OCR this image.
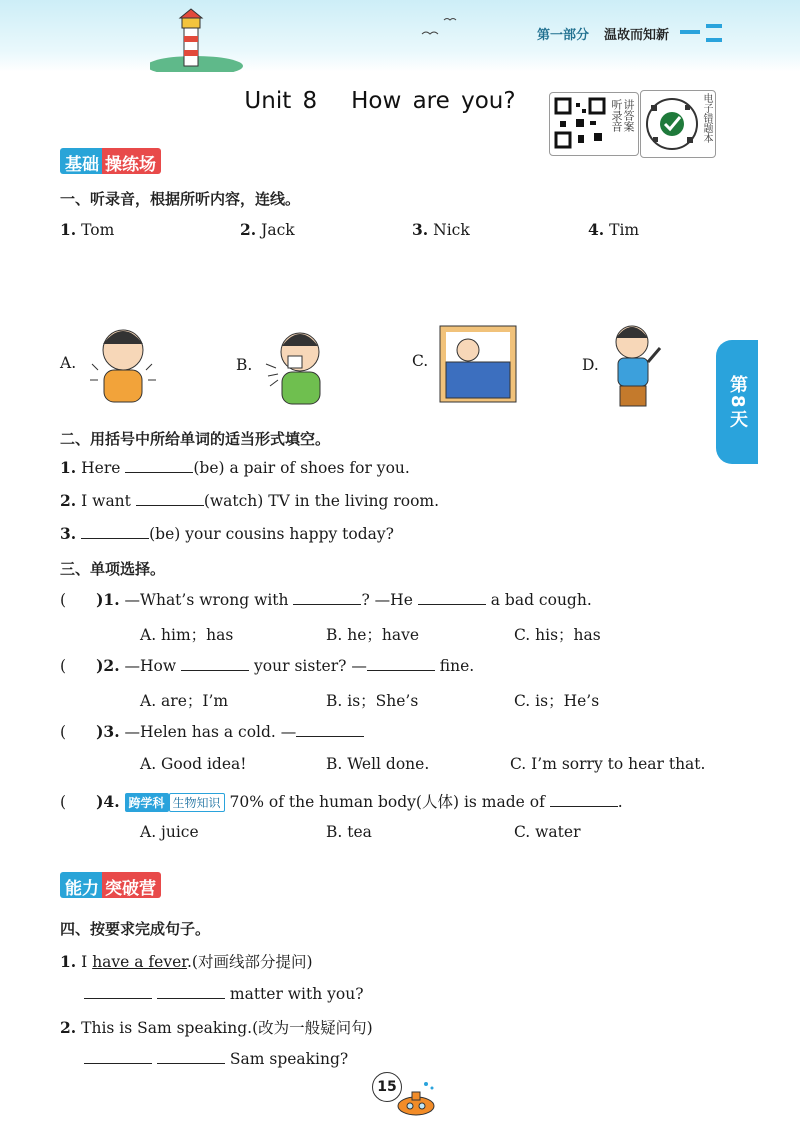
第一部分 温故而知新
Unit 8   How are you?	听录音 讲答案	电子错题本
第8天
基础 操练场
一、听录音，根据所听内容，连线。
1. Tom	2. Jack	3. Nick	4. Tim
A.	B.	C.	D.
二、用括号中所给单词的适当形式填空。
1. Here	(be) a pair of shoes for you.
2. I want	(watch) TV in the living room.
3.	(be) your cousins happy today?
三、单项选择。
( )1. —What’s wrong with	? —He	a bad cough.
A. him；has	B. he；have	C. his；has
( )2. —How	your sister? —	fine.
A. are；I’m	B. is；She’s	C. is；He’s
( )3. —Helen has a cold. —
A. Good idea!	B. Well done.	C. I’m sorry to hear that.
( )4. 跨学科 生物知识 70% of the human body(人体) is made of	.
A. juice	B. tea	C. water
能力 突破营
四、按要求完成句子。
1. I have a fever.(对画线部分提问)
matter with you?
2. This is Sam speaking.(改为一般疑问句)
Sam speaking?
15
